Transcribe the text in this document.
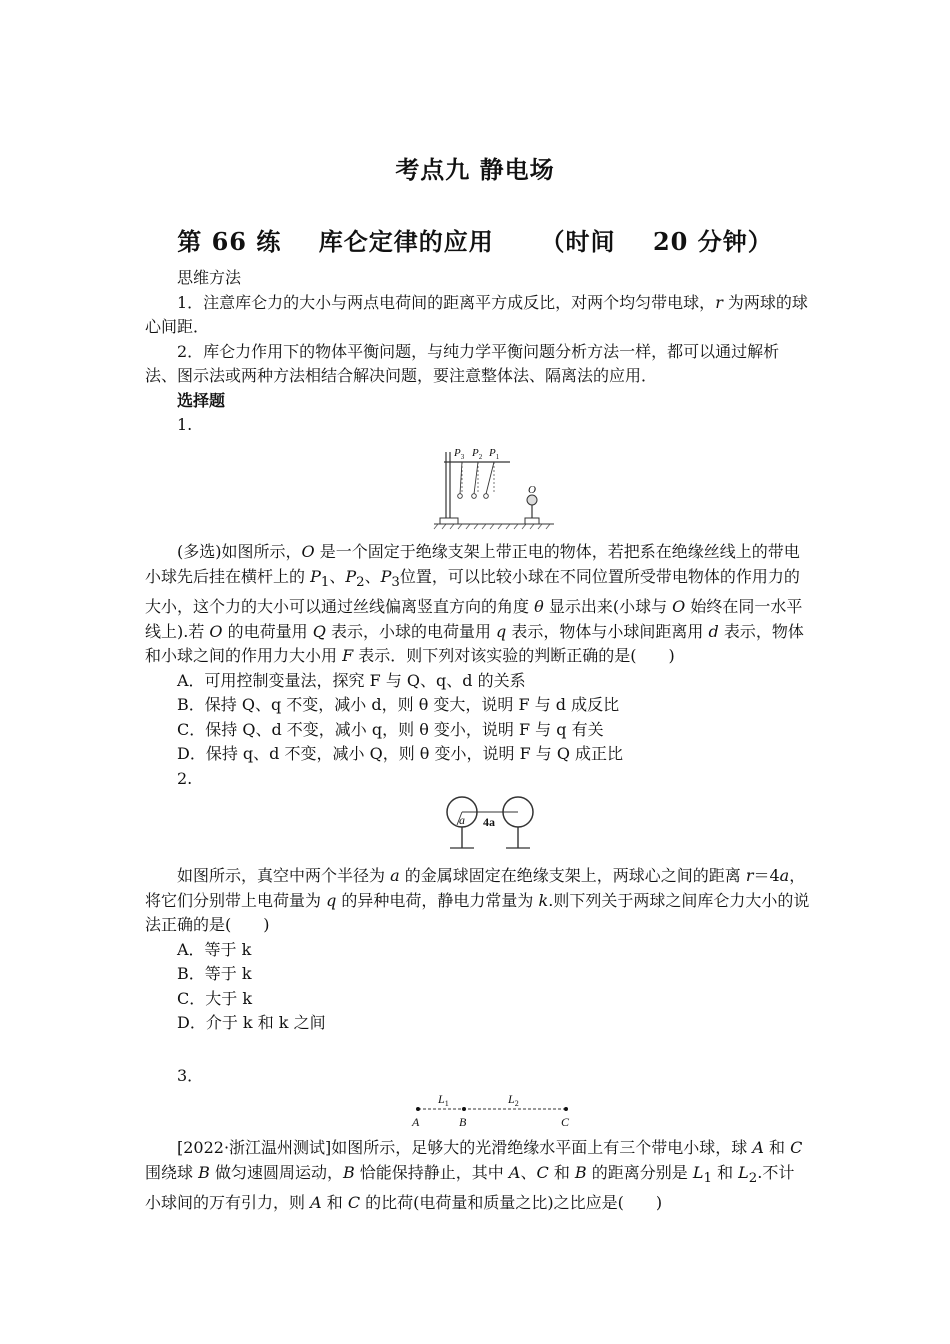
考点九 静电场
第 66 练    库仑定律的应用     （时间    20 分钟）

思维方法

1．注意库仑力的大小与两点电荷间的距离平方成反比，对两个均匀带电球，r 为两球的球心间距．

2．库仑力作用下的物体平衡问题，与纯力学平衡问题分析方法一样，都可以通过解析法、图示法或两种方法相结合解决问题，要注意整体法、隔离法的应用．

选择题

1.

$P_3$ $P_2$ $P_1$
O

(多选)如图所示，O 是一个固定于绝缘支架上带正电的物体，若把系在绝缘丝线上的带电小球先后挂在横杆上的 $P_1$、$P_2$、$P_3$位置，可以比较小球在不同位置所受带电物体的作用力的大小，这个力的大小可以通过丝线偏离竖直方向的角度 θ 显示出来(小球与 O 始终在同一水平线上).若 O 的电荷量用 Q 表示，小球的电荷量用 q 表示，物体与小球间距离用 d 表示，物体和小球之间的作用力大小用 F 表示．则下列对该实验的判断正确的是(　　)

A．可用控制变量法，探究 F 与 Q、q、d 的关系

B．保持 Q、q 不变，减小 d，则 θ 变大，说明 F 与 d 成反比

C．保持 Q、d 不变，减小 q，则 θ 变小，说明 F 与 q 有关

D．保持 q、d 不变，减小 Q，则 θ 变小，说明 F 与 Q 成正比

2.

a 4a

如图所示，真空中两个半径为 a 的金属球固定在绝缘支架上，两球心之间的距离 r＝4a，将它们分别带上电荷量为 q 的异种电荷，静电力常量为 k.则下列关于两球之间库仑力大小的说法正确的是(　　)

A．等于 k

B．等于 k

C．大于 k

D．介于 k 和 k 之间

3．

$L_1$	$L_2$
A	B	C

[2022·浙江温州测试]如图所示，足够大的光滑绝缘水平面上有三个带电小球，球 A 和 C 围绕球 B 做匀速圆周运动，B 恰能保持静止，其中 A、C 和 B 的距离分别是 $L_1$ 和 $L_2$.不计小球间的万有引力，则 A 和 C 的比荷(电荷量和质量之比)之比应是(　　)
